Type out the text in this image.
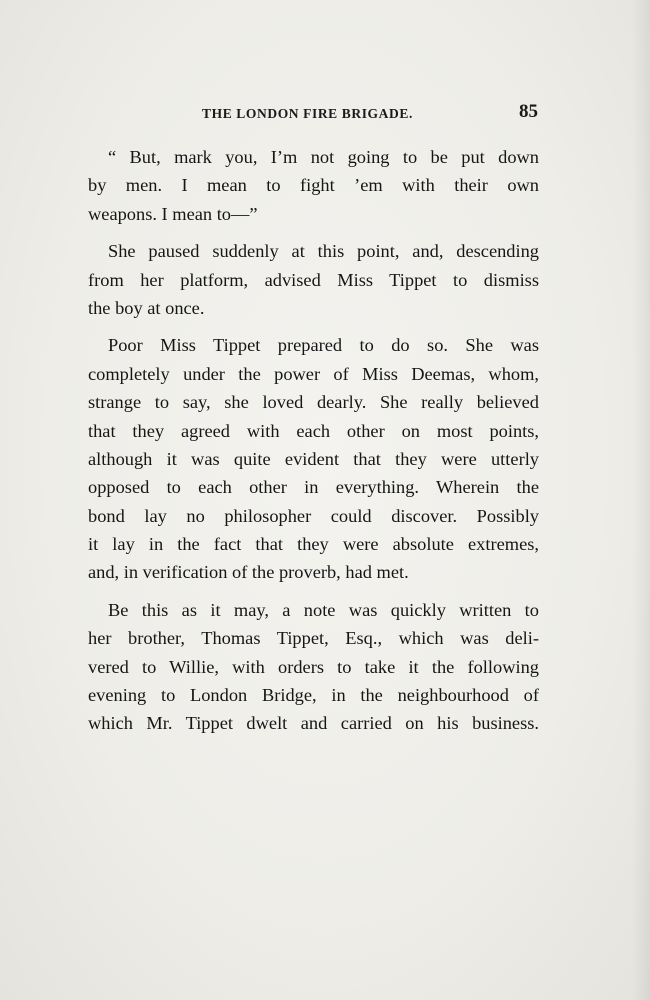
THE LONDON FIRE BRIGADE.	85

“ But, mark you, I’m not going to be put down
by men. I mean to fight ’em with their own
weapons. I mean to—”

She paused suddenly at this point, and, descending
from her platform, advised Miss Tippet to dismiss
the boy at once.

Poor Miss Tippet prepared to do so. She was
completely under the power of Miss Deemas, whom,
strange to say, she loved dearly. She really believed
that they agreed with each other on most points,
although it was quite evident that they were utterly
opposed to each other in everything. Wherein the
bond lay no philosopher could discover. Possibly
it lay in the fact that they were absolute extremes,
and, in verification of the proverb, had met.

Be this as it may, a note was quickly written to
her brother, Thomas Tippet, Esq., which was deli-
vered to Willie, with orders to take it the following
evening to London Bridge, in the neighbourhood of
which Mr. Tippet dwelt and carried on his business.
